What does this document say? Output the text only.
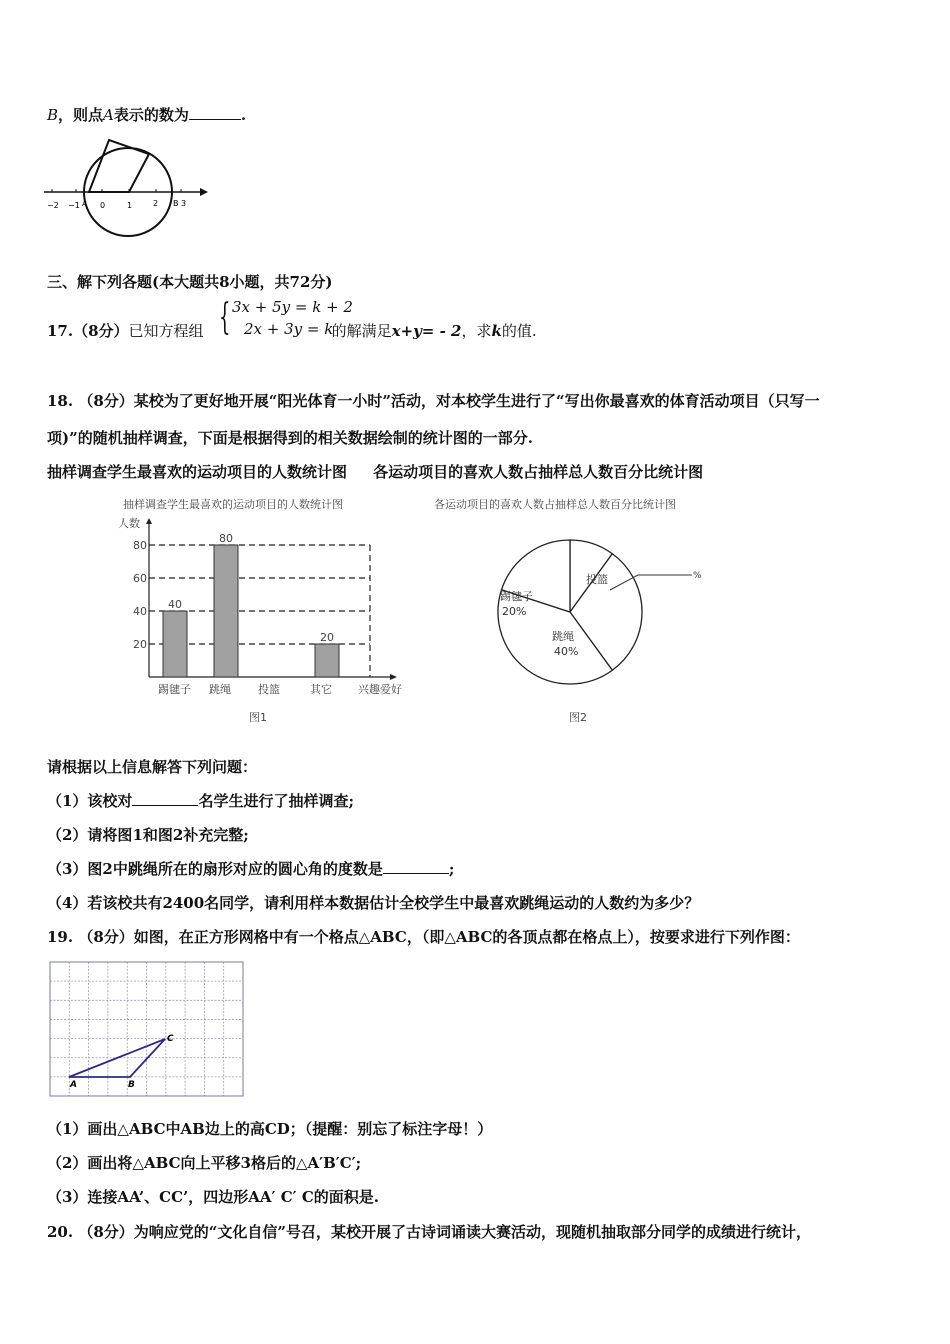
B，则点A表示的数为	.
−2 −1 A 0	1	2 B 3
三、解下列各题(本大题共8小题，共72分)
17.（8分）已知方程组	的解满足x+y= - 2，求k的值.
{ 3x + 5y = k + 2
2x + 3y = k
18. （8分）某校为了更好地开展“阳光体育一小时”活动，对本校学生进行了“写出你最喜欢的体育活动项目（只写一
项)”的随机抽样调查，下面是根据得到的相关数据绘制的统计图的一部分.
抽样调查学生最喜欢的运动项目的人数统计图     各运动项目的喜欢人数占抽样总人数百分比统计图
抽样调查学生最喜欢的运动项目的人数统计图
人数
20
40
60
80
40
踢毽子
80
跳绳 投篮
20
其它 兴趣爱好
图1
各运动项目的喜欢人数占抽样总人数百分比统计图
投篮	%
跳绳
40%
踢毽子
20%
图2
请根据以上信息解答下列问题：
（1）该校对	名学生进行了抽样调查;
（2）请将图1和图2补充完整;
（3）图2中跳绳所在的扇形对应的圆心角的度数是	;
（4）若该校共有2400名同学，请利用样本数据估计全校学生中最喜欢跳绳运动的人数约为多少？
19. （8分）如图，在正方形网格中有一个格点△ABC，（即△ABC的各顶点都在格点上），按要求进行下列作图：
A	B
C
（1）画出△ABC中AB边上的高CD；（提醒：别忘了标注字母！）
（2）画出将△ABC向上平移3格后的△A′B′C′;
（3）连接AA’、CC’，四边形AA′ C′ C的面积是.
20. （8分）为响应党的“文化自信”号召，某校开展了古诗词诵读大赛活动，现随机抽取部分同学的成绩进行统计，
